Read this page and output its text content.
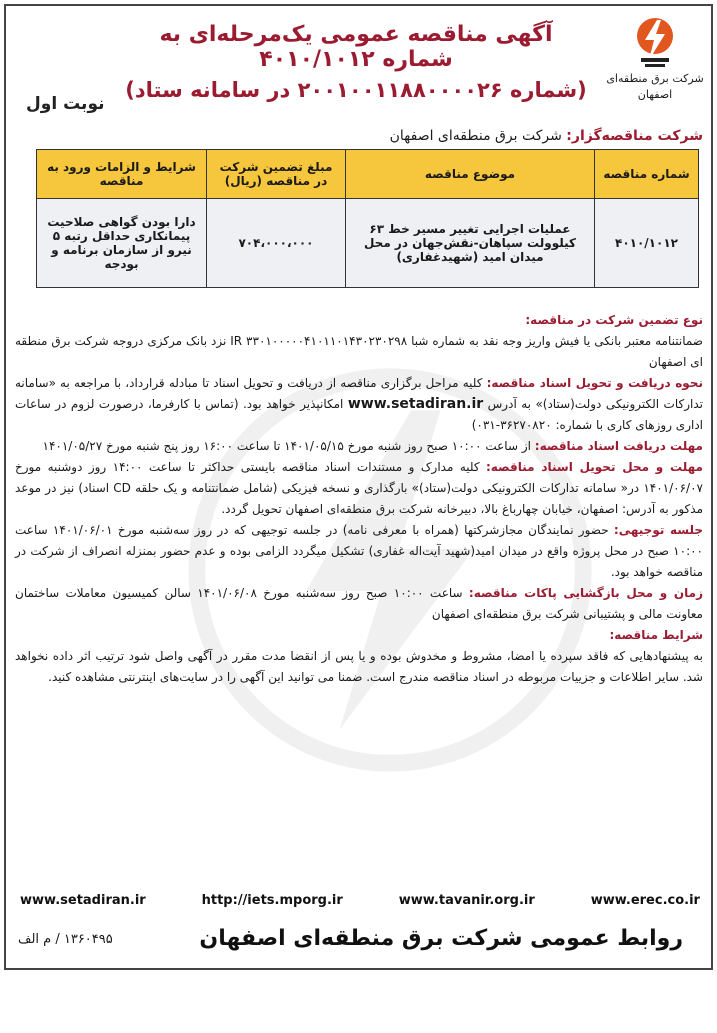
شرکت برق منطقه‌ای
اصفهان
آگهی مناقصه عمومی یک‌مرحله‌ای به شماره ۴۰۱۰/۱۰۱۲
(شماره ۲۰۰۱۰۰۱۱۸۸۰۰۰۰۲۶ در سامانه ستاد)
نوبت اول
شرکت مناقصه‌گزار: شرکت برق منطقه‌ای اصفهان
شماره مناقصه	موضوع مناقصه	مبلغ تضمین شرکت در مناقصه (ریال)	شرایط و الزامات ورود به مناقصه
۴۰۱۰/۱۰۱۲	عملیات اجرایی تغییر مسیر خط ۶۳ کیلوولت سپاهان-نقش‌جهان در محل میدان امید (شهیدغفاری)	۷۰۴،۰۰۰،۰۰۰	دارا بودن گواهی صلاحیت پیمانکاری حداقل رتبه ۵ نیرو از سازمان برنامه و بودجه

نوع تضمین شرکت در مناقصه:
ضمانتنامه معتبر بانکی یا فیش واریز وجه نقد به شماره شبا IR ۳۳۰۱۰۰۰۰۰۴۱۰۱۱۰۱۴۳۰۲۳۰۲۹۸ نزد بانک مرکزی درو‌جه شرکت برق منطقه ای اصفهان

نحوه دریافت و تحویل اسناد مناقصه: کلیه مراحل برگزاری مناقصه از دریافت و تحویل اسناد تا مبادله قرارداد، با مراجعه به «سامانه تدارکات الکترونیکی دولت(ستاد)» به آدرس www.setadiran.ir امکانپذیر خواهد بود. (تماس با کارفرما، درصورت لزوم در ساعات اداری روزهای کاری با شماره: ۳۶۲۷۰۸۲۰-۰۳۱)

مهلت دریافت اسناد مناقصه: از ساعت ۱۰:۰۰ صبح روز شنبه مورخ ۱۴۰۱/۰۵/۱۵ تا ساعت ۱۶:۰۰ روز پنج شنبه مورخ ۱۴۰۱/۰۵/۲۷

مهلت و محل تحویل اسناد مناقصه: کلیه مدارک و مستندات اسناد مناقصه بایستی حداکثر تا ساعت ۱۴:۰۰ روز دوشنبه مورخ ۱۴۰۱/۰۶/۰۷ در« سامانه تدارکات الکترونیکی دولت(ستاد)» بارگذاری و نسخه فیزیکی (شامل ضمانتنامه و یک حلقه CD اسناد) نیز در موعد مذکور به آدرس: اصفهان، خیابان چهارباغ بالا، دبیرخانه شرکت برق منطقه‌ای اصفهان تحویل گردد.

جلسه توجیهی: حضور نمایندگان مجازشرکتها (همراه با معرفی نامه) در جلسه توجیهی که در روز سه‌شنبه مورخ ۱۴۰۱/۰۶/۰۱ ساعت ۱۰:۰۰ صبح در محل پروژه واقع در میدان امید(شهید آیت‌اله غفاری) تشکیل میگردد الزامی بوده و عدم حضور بمنزله انصراف از شرکت در مناقصه خواهد بود.

زمان و محل بازگشایی پاکات مناقصه: ساعت ۱۰:۰۰ صبح روز سه‌شنبه مورخ ۱۴۰۱/۰۶/۰۸ سالن کمیسیون معاملات ساختمان معاونت مالی و پشتیبانی شرکت برق منطقه‌ای اصفهان

شرایط مناقصه:
به پیشنهادهایی که فاقد سپرده یا امضا، مشروط و مخدوش بوده و یا پس از انقضا مدت مقرر در آگهی واصل شود ترتیب اثر داده نخواهد شد. سایر اطلاعات و جزییات مربوطه در اسناد مناقصه مندرج است. ضمنا می توانید این آگهی را در سایت‌های اینترنتی مشاهده کنید.

www.setadiran.ir	http://iets.mporg.ir	www.tavanir.org.ir	www.erec.co.ir
روابط عمومی شرکت برق منطقه‌ای اصفهان
۱۳۶۰۴۹۵ / م الف
